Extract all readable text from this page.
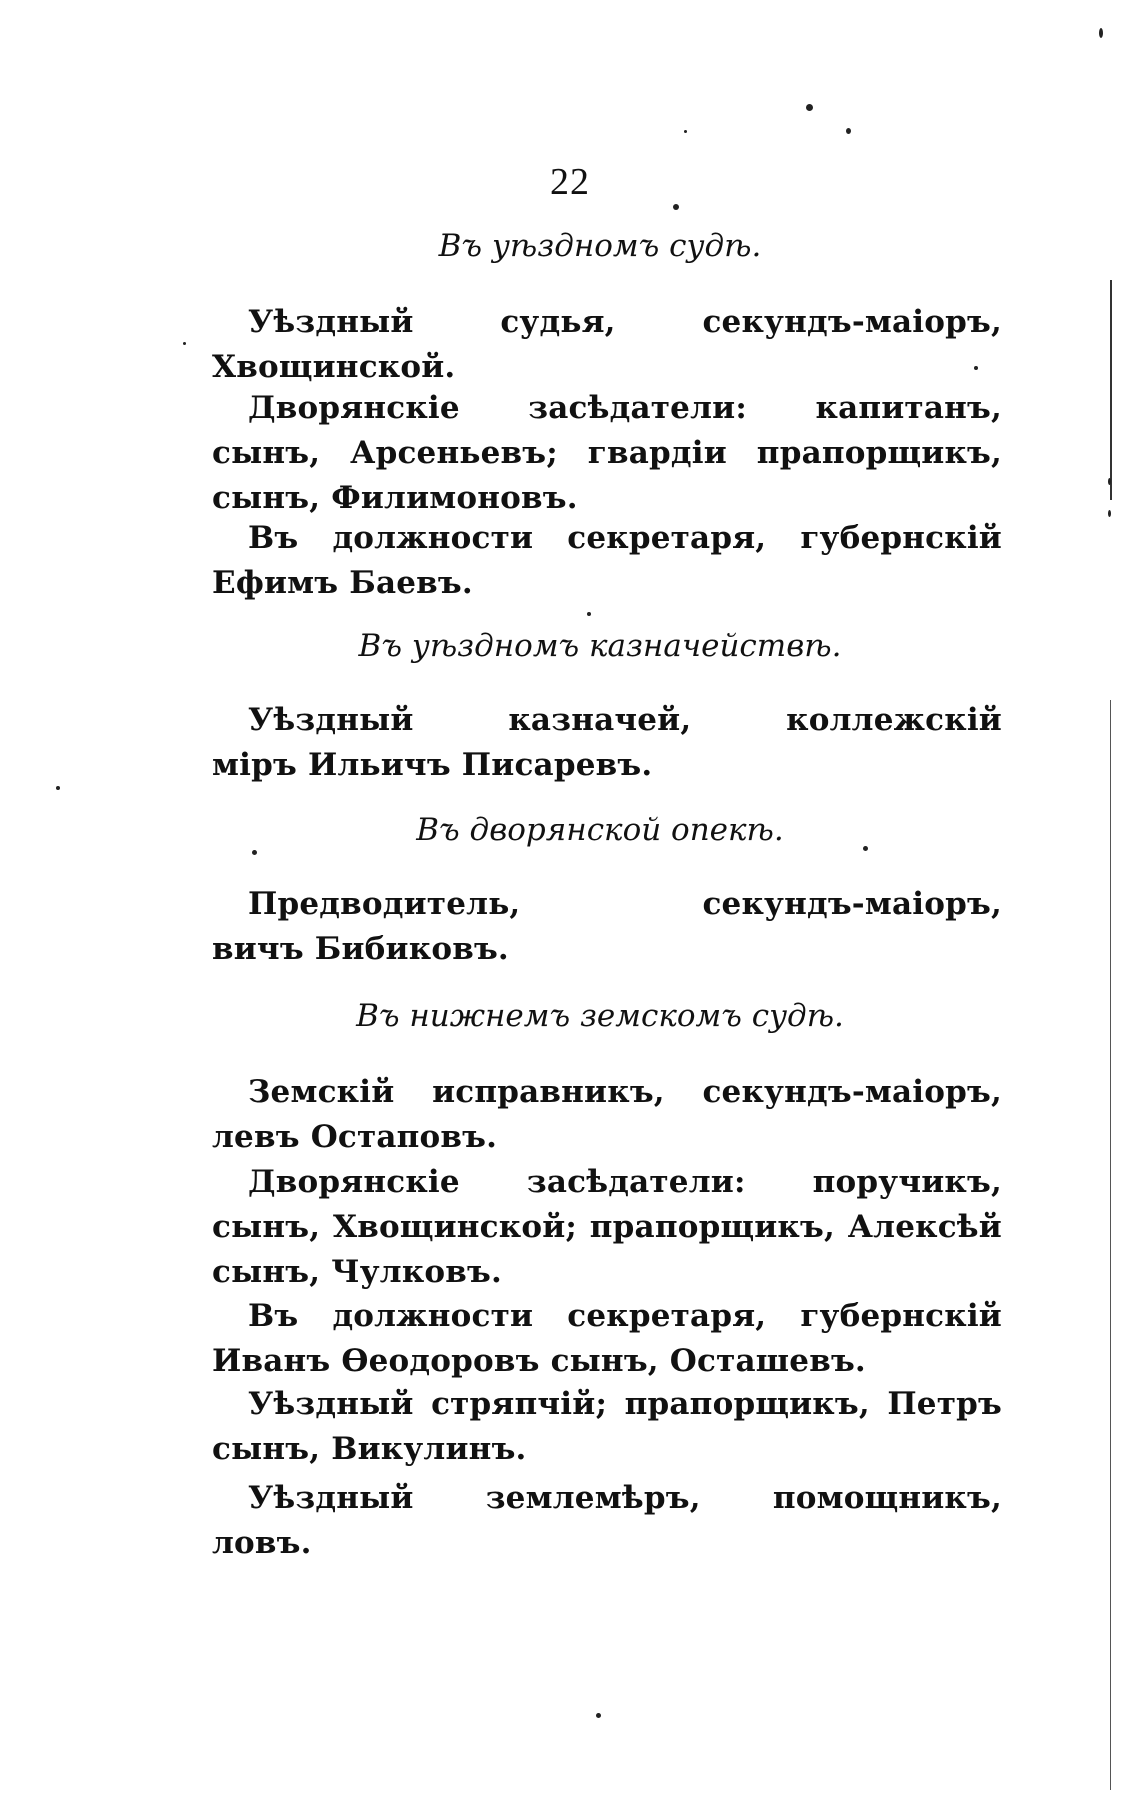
22
Въ уѣздномъ судѣ.
Уѣздный судья, секундъ-маіоръ,
Хвощинской.
Дворянскіе засѣдатели: капитанъ,
сынъ, Арсеньевъ; гвардіи прапорщикъ,
сынъ, Филимоновъ.
Въ должности секретаря, губернскій
Ефимъ Баевъ.
Въ уѣздномъ казначействѣ.
Уѣздный казначей, коллежскій
міръ Ильичъ Писаревъ.
Въ дворянской опекѣ.
Предводитель, секундъ-маіоръ,
вичъ Бибиковъ.
Въ нижнемъ земскомъ судѣ.
Земскій исправникъ, секундъ-маіоръ,
левъ Остаповъ.
Дворянскіе засѣдатели: поручикъ,
сынъ, Хвощинской; прапорщикъ, Алексѣй
сынъ, Чулковъ.
Въ должности секретаря, губернскій
Иванъ Ѳеодоровъ сынъ, Осташевъ.
Уѣздный стряпчій; прапорщикъ, Петръ
сынъ, Викулинъ.
Уѣздный землемѣръ, помощникъ,
ловъ.
